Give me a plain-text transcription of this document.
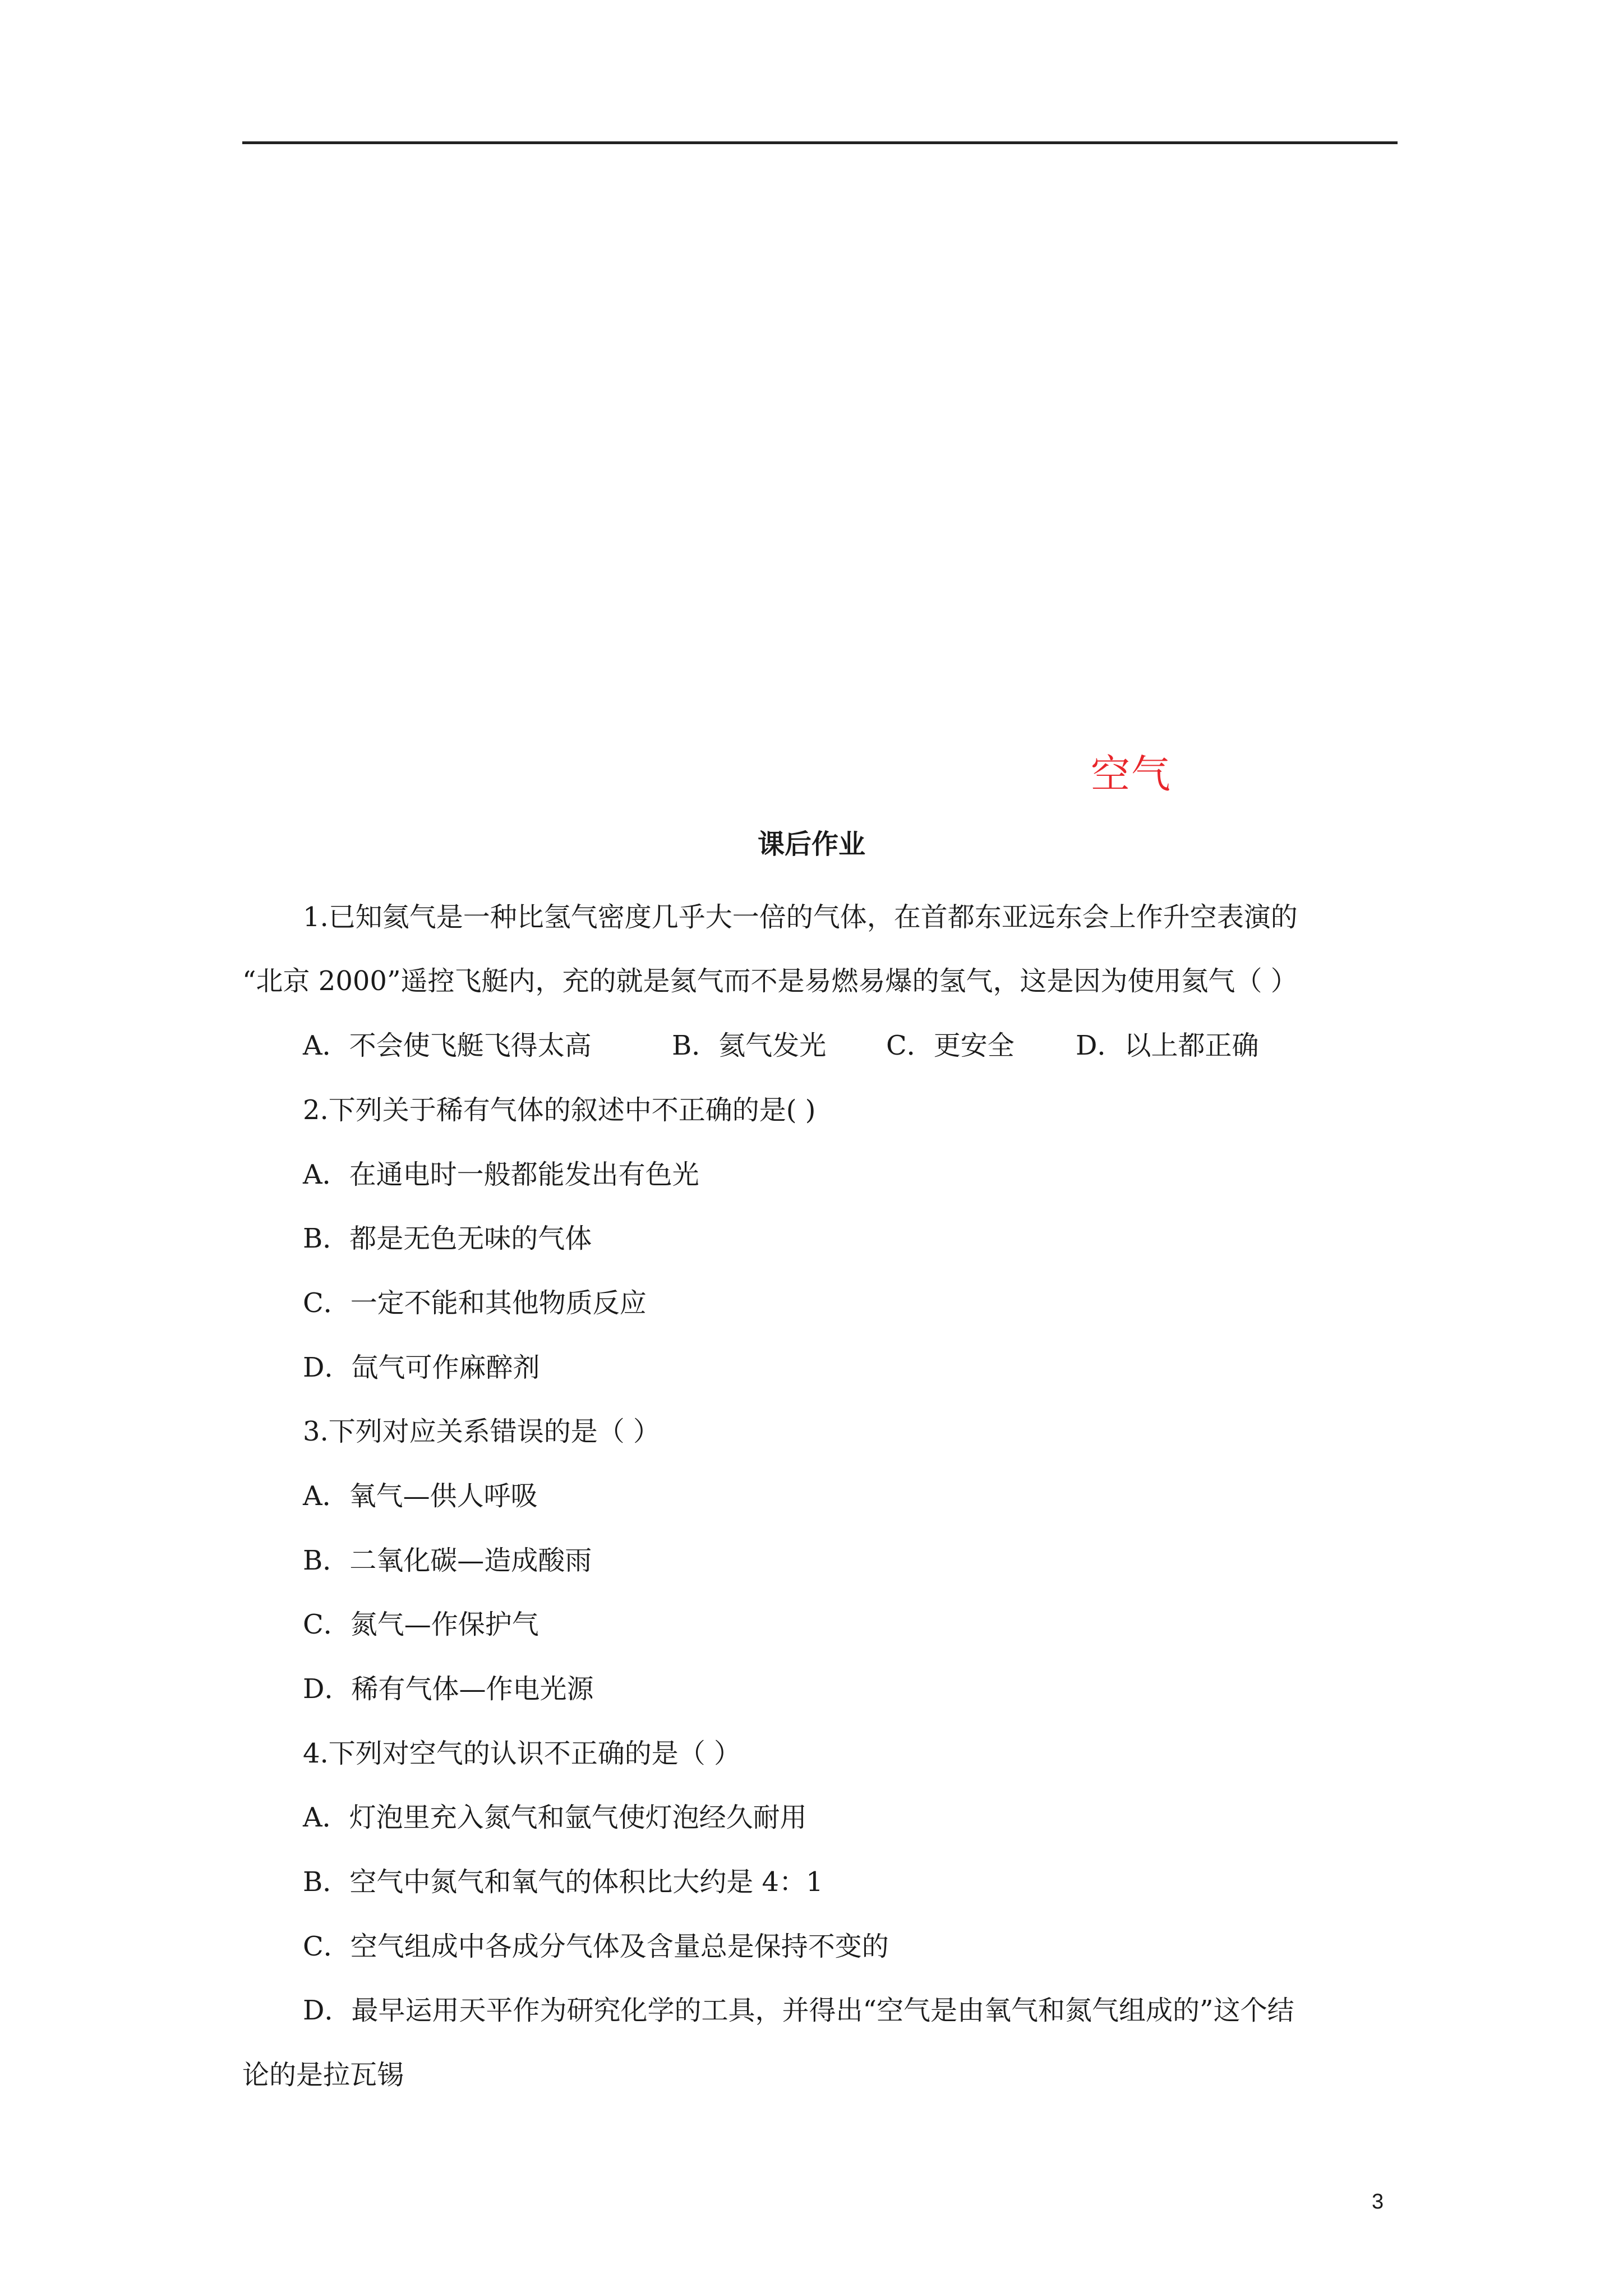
空气
课后作业
1.已知氦气是一种比氢气密度几乎大一倍的气体，在首都东亚远东会上作升空表演的
“北京 2000”遥控飞艇内，充的就是氦气而不是易燃易爆的氢气，这是因为使用氦气（ ）
A．不会使飞艇飞得太高	B．氦气发光 C．更安全 D．以上都正确
2.下列关于稀有气体的叙述中不正确的是( )
A．在通电时一般都能发出有色光
B．都是无色无味的气体
C．一定不能和其他物质反应
D．氙气可作麻醉剂
3.下列对应关系错误的是（ ）
A．氧气—供人呼吸
B．二氧化碳—造成酸雨
C．氮气—作保护气
D．稀有气体—作电光源
4.下列对空气的认识不正确的是（ ）
A．灯泡里充入氮气和氩气使灯泡经久耐用
B．空气中氮气和氧气的体积比大约是 4：1
C．空气组成中各成分气体及含量总是保持不变的
D．最早运用天平作为研究化学的工具，并得出“空气是由氧气和氮气组成的”这个结
论的是拉瓦锡
3
